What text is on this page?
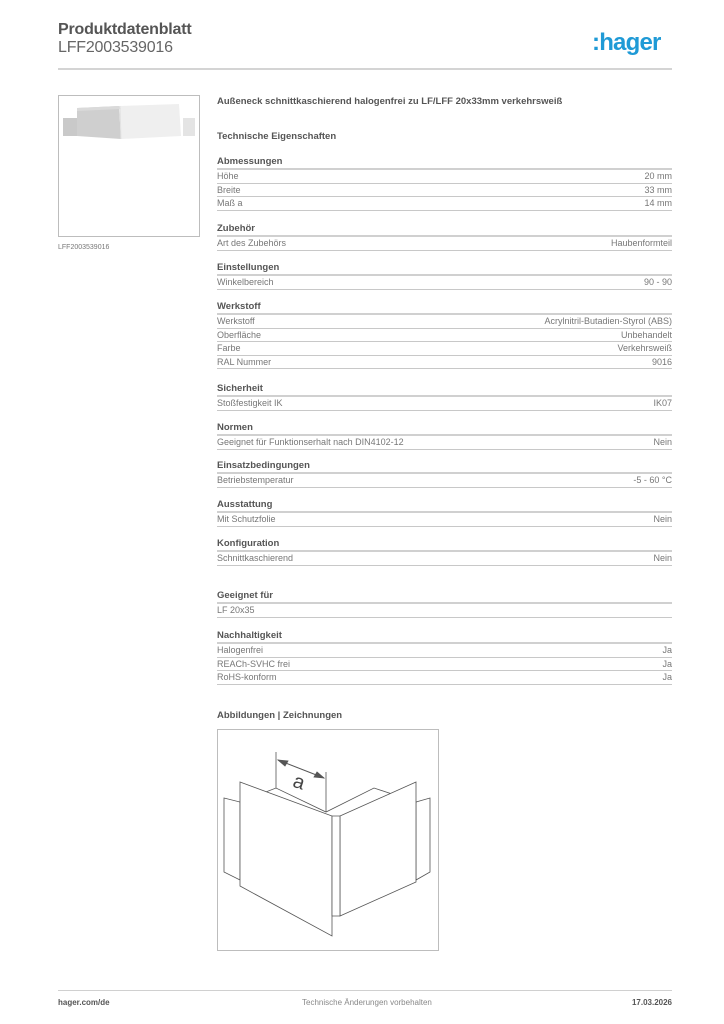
Produktdatenblatt
LFF2003539016	:hager
LFF2003539016
Außeneck schnittkaschierend halogenfrei zu LF/LFF 20x33mm verkehrsweiß
Technische Eigenschaften
Abmessungen
Höhe	20 mm
Breite	33 mm
Maß a	14 mm
Zubehör
Art des Zubehörs	Haubenformteil
Einstellungen
Winkelbereich	90 - 90
Werkstoff
Werkstoff	Acrylnitril-Butadien-Styrol (ABS)
Oberfläche	Unbehandelt
Farbe	Verkehrsweiß
RAL Nummer	9016
Sicherheit
Stoßfestigkeit IK	IK07
Normen
Geeignet für Funktionserhalt nach DIN4102-12	Nein
Einsatzbedingungen
Betriebstemperatur	-5 - 60 °C
Ausstattung
Mit Schutzfolie	Nein
Konfiguration
Schnittkaschierend	Nein
Geeignet für
LF 20x35
Nachhaltigkeit
Halogenfrei	Ja
REACh-SVHC frei	Ja
RoHS-konform	Ja
Abbildungen | Zeichnungen
a
hager.com/de	Technische Änderungen vorbehalten	17.03.2026
